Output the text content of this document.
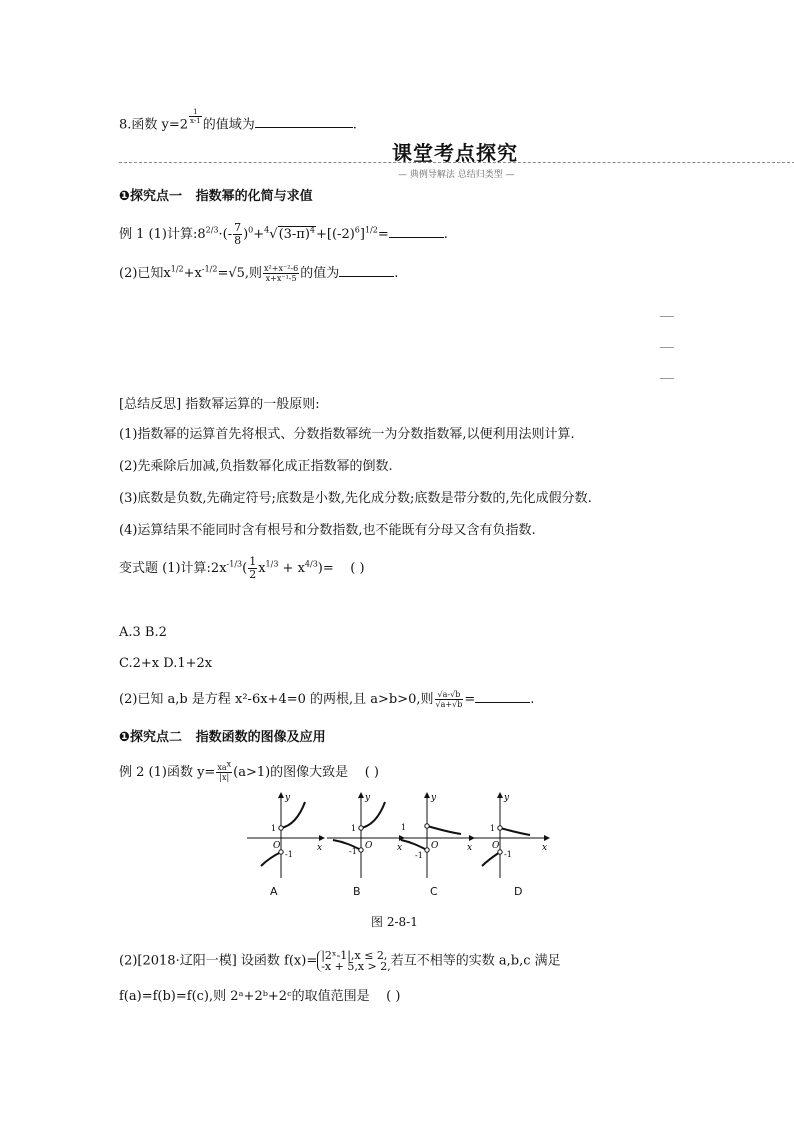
8.函数 $y=2 \frac{1}{x-1}$ 的值域为	.
课堂考点探究
— 典例导解法 总结归类型 —
❶探究点一 指数幂的化简与求值
例 1 (1)计算$:8^{2/3}\cdot(- \frac{7}{8} )^0+^4√(3-\pi)^4+[(-2)^6]^{1/2}=$	.
(2)已知$x^{1/2}+x^{-1/2}=√5$,则 $\frac{\text{x²+x⁻²-6}}{\text{x+x⁻¹-5}}$ 的值为	.
[总结反思] 指数幂运算的一般原则:
(1)指数幂的运算首先将根式、分数指数幂统一为分数指数幂,以便利用法则计算.
(2)先乘除后加减,负指数幂化成正指数幂的倒数.
(3)底数是负数,先确定符号;底数是小数,先化成分数;底数是带分数的,先化成假分数.
(4)运算结果不能同时含有根号和分数指数,也不能既有分母又含有负指数.
变式题 (1)计算$:2x^{-1/3}( \frac{1}{2} x^{1/3} + x^{4/3})=$ ( )
A.3 B.2
C.2+x D.1+2x
(2)已知 a,b 是方程 x²-6x+4=0 的两根,且 a>b>0,则 $\frac{√a-√b}{√a+√b}$ =	.
❶探究点二 指数函数的图像及应用
例 2 (1)函数 $y= \frac{xa^x}{|x|} (a>1)$的图像大致是 ( )
y
x
1
O
-1
y
x
1
O
-1
y
x
1
O
-1
y
x
1
O
-1
A	B	C	D
图 2-8-1
(2)[2018·辽阳一模] 设函数 f(x)= |2ˣ-1|,x ≤ 2,
-x + 5,x > 2, 若互不相等的实数 a,b,c 满足
f(a)=f(b)=f(c),则 2ᵃ+2ᵇ+2ᶜ的取值范围是 ( )
